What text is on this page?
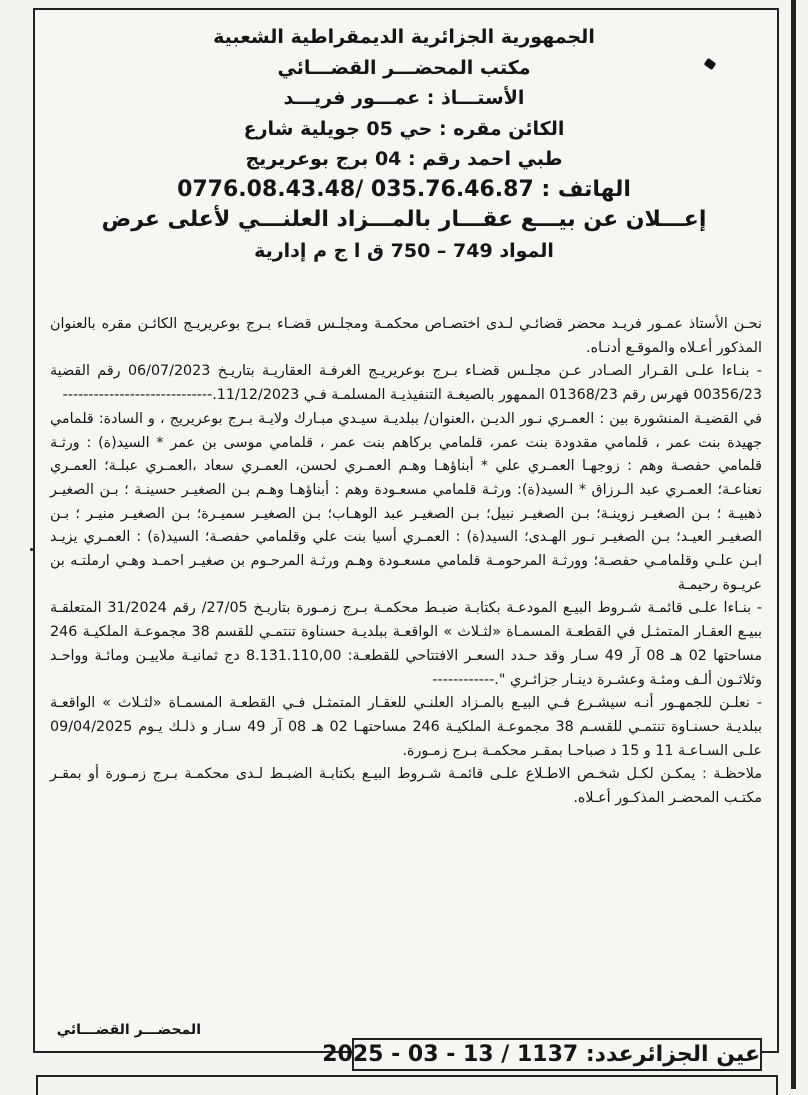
الجمهورية الجزائرية الديمقراطية الشعبية
مكتب المحضـــر القضـــائي
الأستـــاذ : عمـــور فريـــد
الكائن مقره : حي 05 جويلية شارع
طبي احمد رقم : 04 برج بوعريريج
الهاتف : 035.76.46.87 /0776.08.43.48
إعـــلان عن بيـــع عقـــار بالمـــزاد العلنـــي لأعلى عرض
المواد 749 – 750 ق ا ج م إدارية

نحـن الأستاذ عمـور فريـد محضر قضائـي لـدى اختصـاص محكمـة ومجلـس قضـاء بـرج بوعريريـج الكائـن مقره بالعنوان المذكور أعـلاه والموقـع أدنـاه.

- بنـاءا علـى القـرار الصـادر عـن مجلـس قضـاء بـرج بوعريريـج الغرفـة العقاريـة بتاريـخ 06/07/2023 رقم القضية 00356/23 فهرس رقم 01368/23 الممهور بالصيغـة التنفيذيـة المسلمـة فـي 11/12/2023.-----------------------------

في القضيـة المنشورة بين : العمـري نـور الديـن ،العنوان/ ببلديـة سيـدي مبـارك ولايـة بـرج بوعريريج ، و السادة: قلمامي جهيدة بنت عمر ، قلمامي مقدودة بنت عمر، قلمامي بركاهم بنت عمر ، قلمامي موسى بن عمر * السيد(ة) : ورثـة قلمامي حفصـة وهم : زوجهـا العمـري علي * أبناؤهـا وهـم العمـري لحسن، العمـري سعاد ،العمـري عبلـة؛ العمـري نعناعـة؛ العمـري عبد الـرزاق * السيد(ة): ورثـة قلمامي مسعـودة وهم : أبناؤهـا وهـم بـن الصغيـر حسينـة ؛ بـن الصغيـر ذهبيـة ؛ بـن الصغيـر زوينـة؛ بـن الصغيـر نبيل؛ بـن الصغيـر عبد الوهـاب؛ بـن الصغيـر سميـرة؛ بـن الصغيـر منيـر ؛ بـن الصغيـر العيـد؛ بـن الصغيـر نـور الهـدى؛ السيد(ة) : العمـري أسيا بنت علي وقلمامي حفصـة؛ السيد(ة) : العمـري يزيـد ابـن علـي وقلمامـي حفصـة؛ وورثـة المرحومـة قلمامي مسعـودة وهـم ورثـة المرحـوم بن صغيـر احمـد وهـي ارملتـه بن عريـوة رحيمـة

- بنـاءا علـى قائمـة شـروط البيـع المودعـة بكتابـة ضبـط محكمـة بـرج زمـورة بتاريـخ 27/05/ رقم 31/2024 المتعلقـة ببيـع العقـار المتمثـل في القطعـة المسمـاة «لثـلاث » الواقعـة ببلديـة حسناوة تنتمـي للقسم 38 مجموعـة الملكيـة 246 مساحتها 02 هـ 08 آر 49 سـار وقد حـدد السعـر الافتتاحي للقطعـة: 8.131.110,00 دج ثمانيـة ملاييـن ومائـة وواحـد وثلاثـون ألـف ومئـة وعشـرة دينـار جزائـري ".------------

- نعلـن للجمهـور أنـه سيشـرع فـي البيـع بالمـزاد العلنـي للعقـار المتمثـل فـي القطعـة المسمـاة «لثـلاث » الواقعـة ببلديـة حسنـاوة تنتمـي للقسـم 38 مجموعـة الملكيـة 246 مساحتهـا 02 هـ 08 آر 49 سـار و ذلـك يـوم 09/04/2025 علـى السـاعـة 11 و 15 د صباحـا بمقـر محكمـة بـرج زمـورة.

ملاحظـة : يمكـن لكـل شخـص الاطـلاع علـى قائمـة شـروط البيـع بكتابـة الضبـط لـدى محكمـة بـرج زمـورة أو بمقـر مكتـب المحضـر المذكـور أعـلاه.

المحضـــر القضـــائي
عين الجزائرعدد: 1137 / 13 - 03 - 2025
